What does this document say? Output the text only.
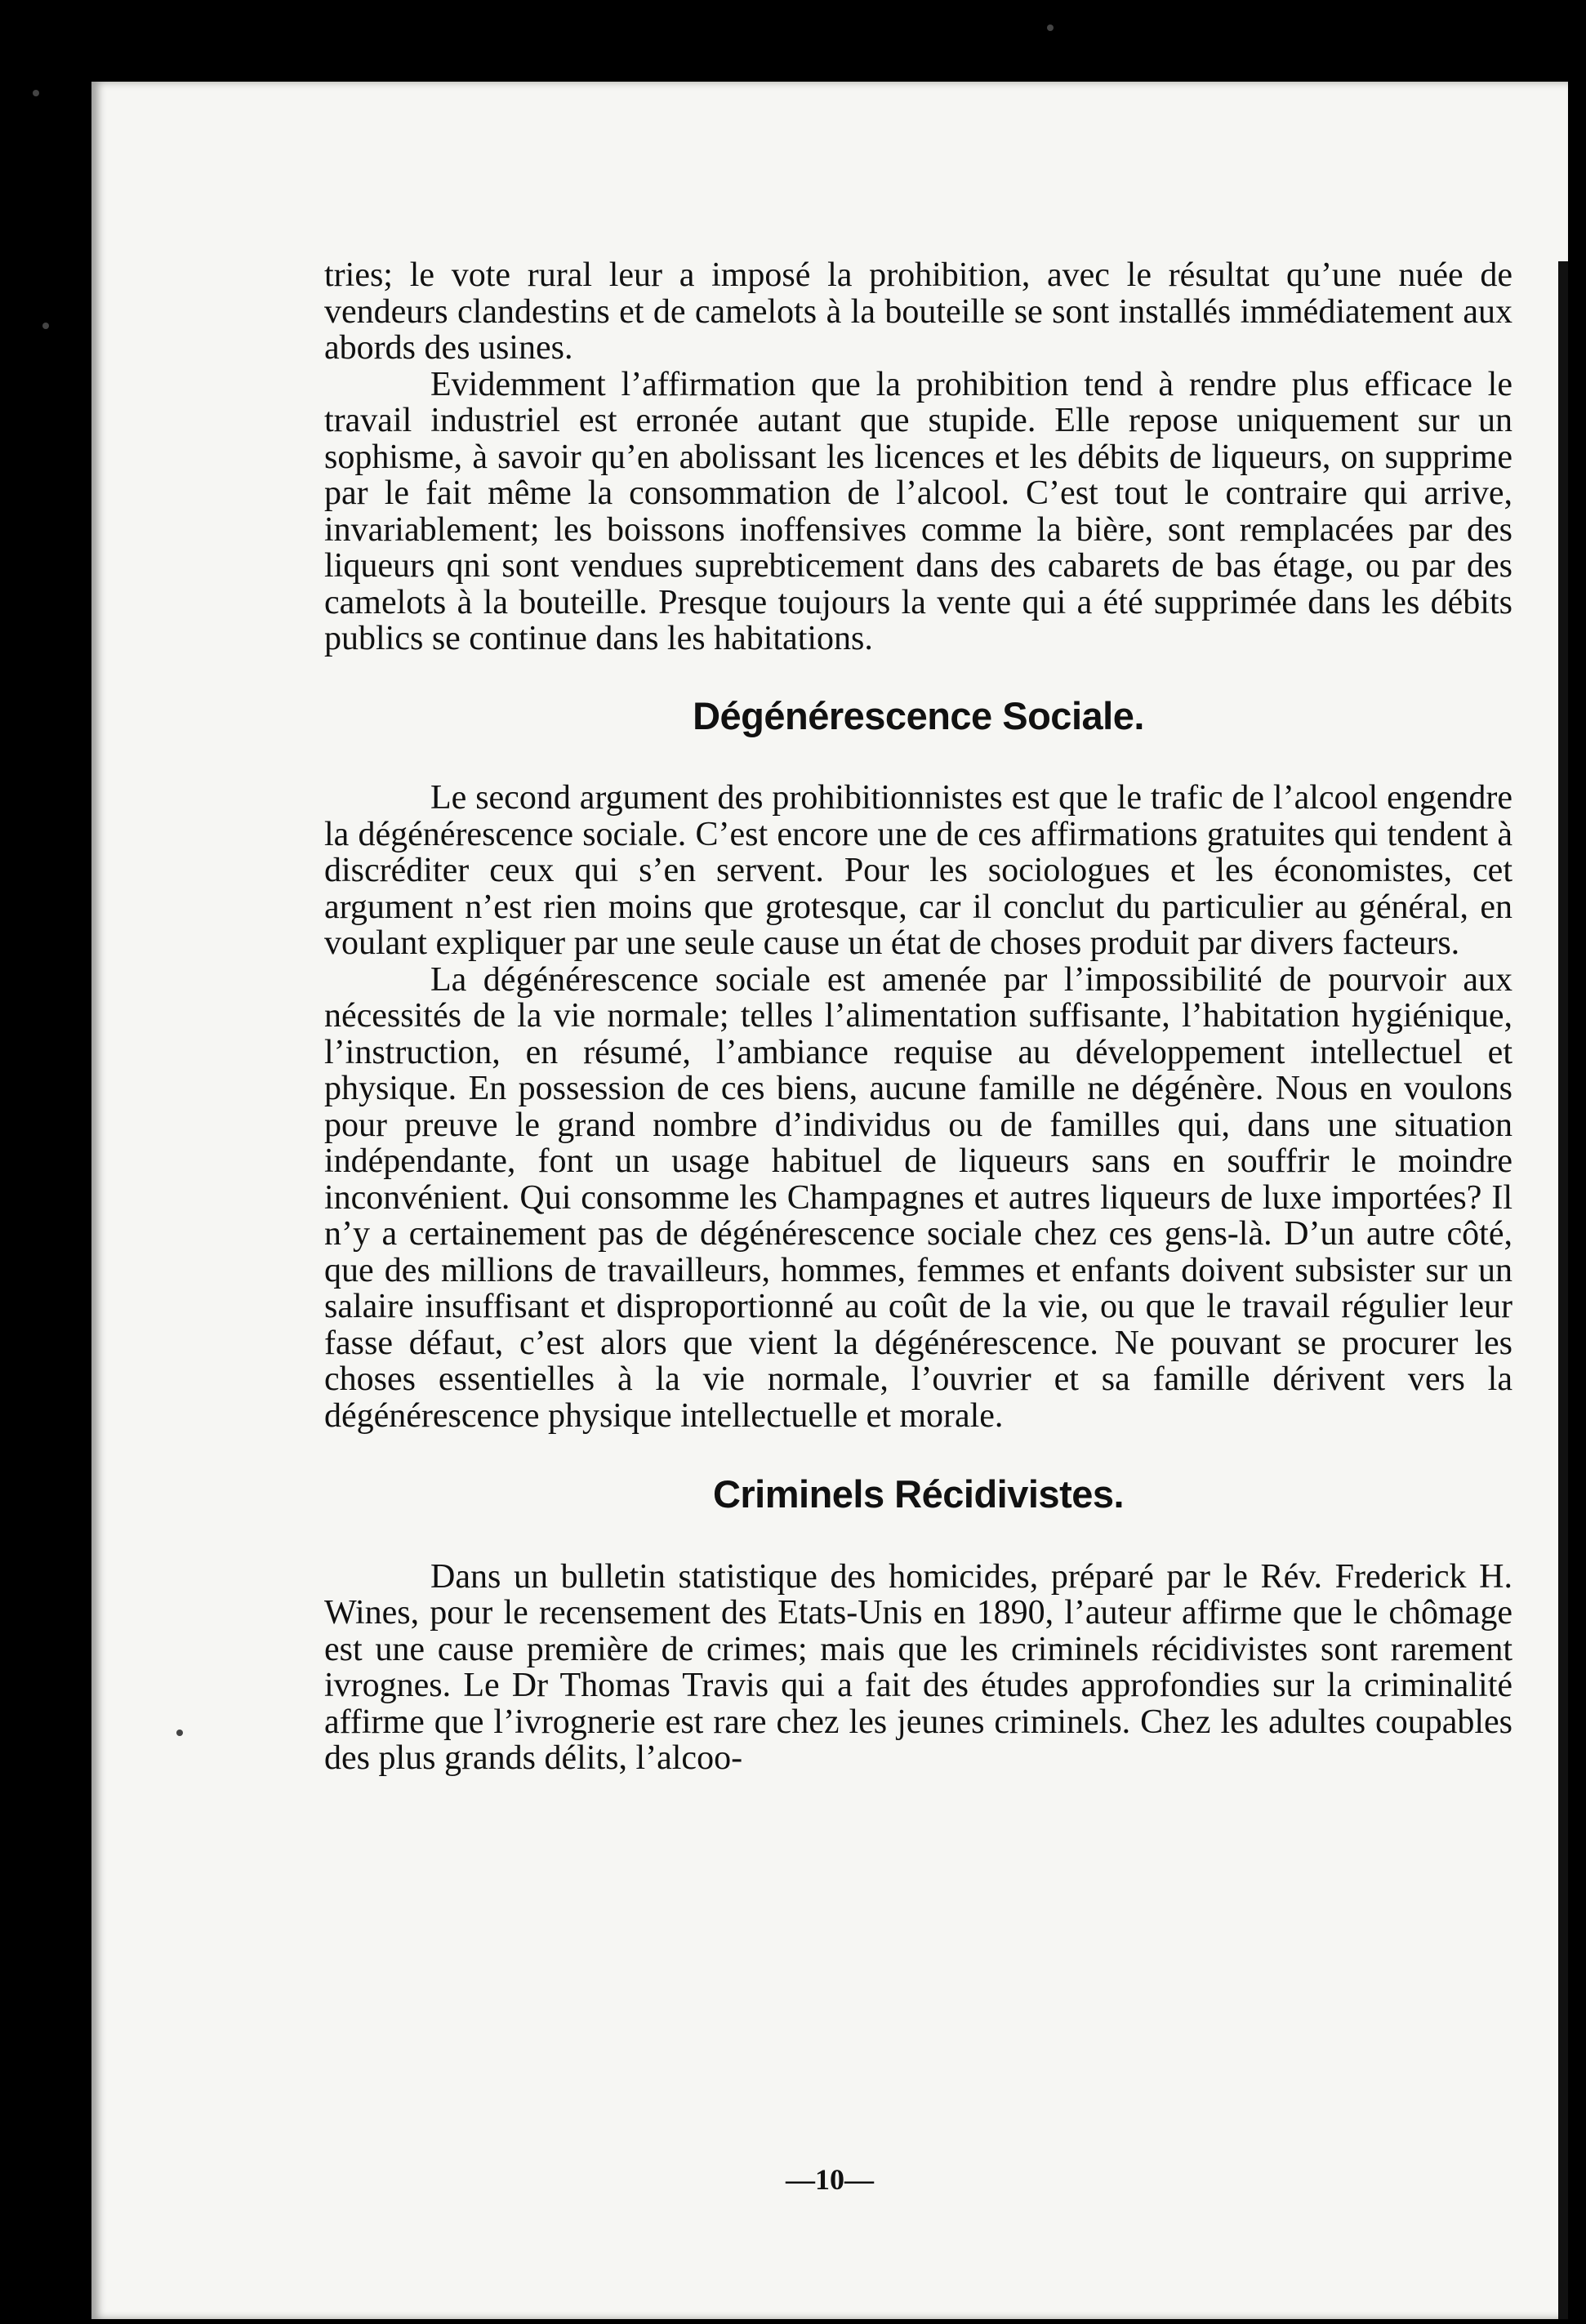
tries; le vote rural leur a imposé la prohibition, avec le résultat qu’une nuée de vendeurs clandestins et de camelots à la bouteille se sont installés immédiatement aux abords des usines.

Evidemment l’affirmation que la prohibition tend à rendre plus efficace le travail industriel est erronée autant que stupide. Elle repose uniquement sur un sophisme, à savoir qu’en abolissant les licences et les débits de liqueurs, on supprime par le fait même la consommation de l’alcool. C’est tout le contraire qui arrive, invariablement; les boissons inoffensives comme la bière, sont remplacées par des liqueurs qni sont vendues suprebticement dans des cabarets de bas étage, ou par des camelots à la bouteille. Presque toujours la vente qui a été supprimée dans les débits publics se continue dans les habitations.

Dégénérescence Sociale.

Le second argument des prohibitionnistes est que le trafic de l’alcool engendre la dégénérescence sociale. C’est encore une de ces affirmations gratuites qui tendent à discréditer ceux qui s’en servent. Pour les sociologues et les économistes, cet argument n’est rien moins que grotesque, car il conclut du particulier au général, en voulant expliquer par une seule cause un état de choses produit par divers facteurs.

La dégénérescence sociale est amenée par l’impossibilité de pourvoir aux nécessités de la vie normale; telles l’alimentation suffisante, l’habitation hygiénique, l’instruction, en résumé, l’ambiance requise au développement intellectuel et physique. En possession de ces biens, aucune famille ne dégénère. Nous en voulons pour preuve le grand nombre d’individus ou de familles qui, dans une situation indépendante, font un usage habituel de liqueurs sans en souffrir le moindre inconvénient. Qui consomme les Champagnes et autres liqueurs de luxe importées? Il n’y a certainement pas de dégénérescence sociale chez ces gens-là. D’un autre côté, que des millions de travailleurs, hommes, femmes et enfants doivent subsister sur un salaire insuffisant et disproportionné au coût de la vie, ou que le travail régulier leur fasse défaut, c’est alors que vient la dégénérescence. Ne pouvant se procurer les choses essentielles à la vie normale, l’ouvrier et sa famille dérivent vers la dégénérescence physique intellectuelle et morale.

Criminels Récidivistes.

Dans un bulletin statistique des homicides, préparé par le Rév. Frederick H. Wines, pour le recensement des Etats-Unis en 1890, l’auteur affirme que le chômage est une cause première de crimes; mais que les criminels récidivistes sont rarement ivrognes. Le Dr Thomas Travis qui a fait des études approfondies sur la criminalité affirme que l’ivrognerie est rare chez les jeunes criminels. Chez les adultes coupables des plus grands délits, l’alcoo-

—10—
